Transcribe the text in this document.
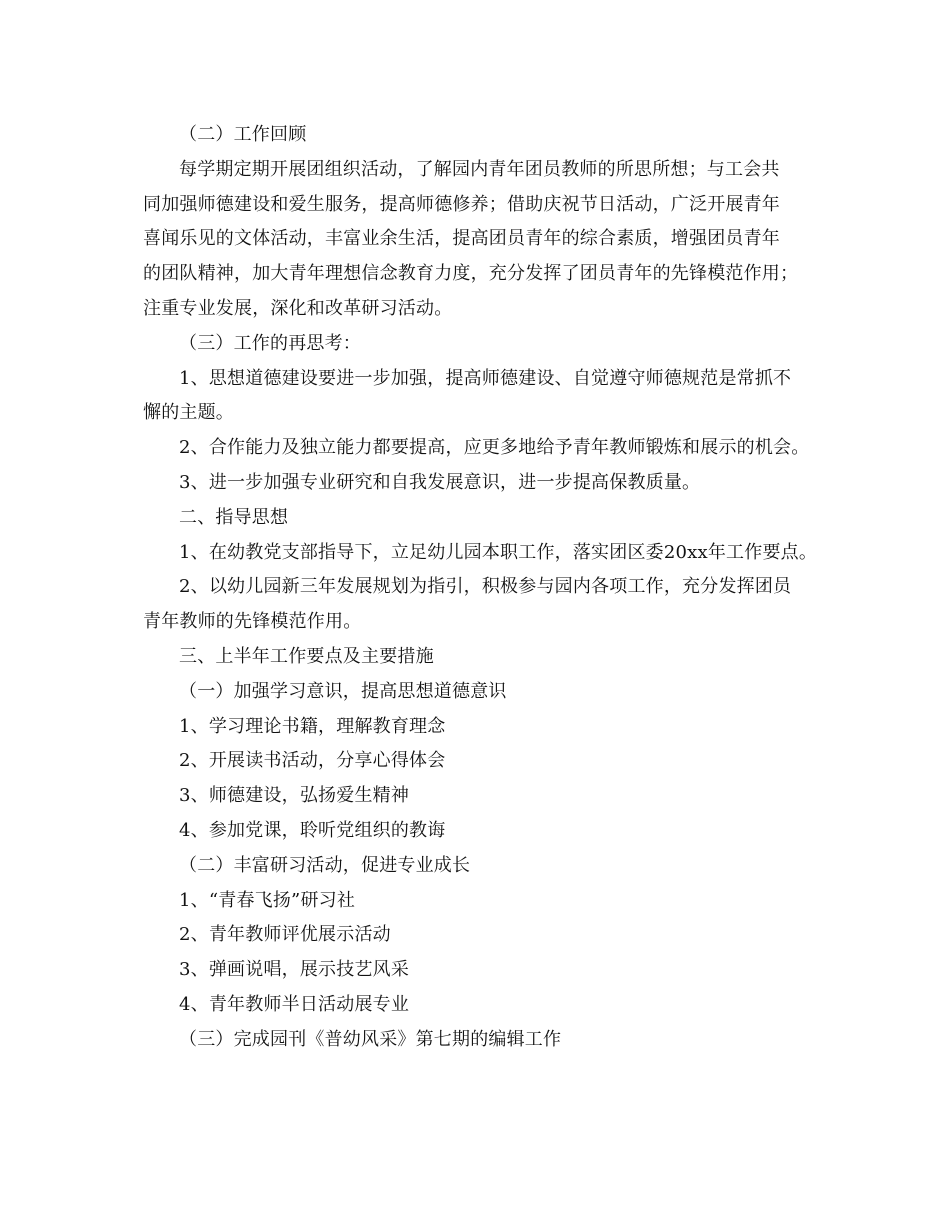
（二）工作回顾
每学期定期开展团组织活动，了解园内青年团员教师的所思所想；与工会共
同加强师德建设和爱生服务，提高师德修养；借助庆祝节日活动，广泛开展青年
喜闻乐见的文体活动，丰富业余生活，提高团员青年的综合素质，增强团员青年
的团队精神，加大青年理想信念教育力度，充分发挥了团员青年的先锋模范作用；
注重专业发展，深化和改革研习活动。
（三）工作的再思考：
1、思想道德建设要进一步加强，提高师德建设、自觉遵守师德规范是常抓不
懈的主题。
2、合作能力及独立能力都要提高，应更多地给予青年教师锻炼和展示的机会。
3、进一步加强专业研究和自我发展意识，进一步提高保教质量。
二、指导思想
1、在幼教党支部指导下，立足幼儿园本职工作，落实团区委20xx年工作要点。
2、以幼儿园新三年发展规划为指引，积极参与园内各项工作，充分发挥团员
青年教师的先锋模范作用。
三、上半年工作要点及主要措施
（一）加强学习意识，提高思想道德意识
1、学习理论书籍，理解教育理念
2、开展读书活动，分享心得体会
3、师德建设，弘扬爱生精神
4、参加党课，聆听党组织的教诲
（二）丰富研习活动，促进专业成长
1、“青春飞扬”研习社
2、青年教师评优展示活动
3、弹画说唱，展示技艺风采
4、青年教师半日活动展专业
（三）完成园刊《普幼风采》第七期的编辑工作
